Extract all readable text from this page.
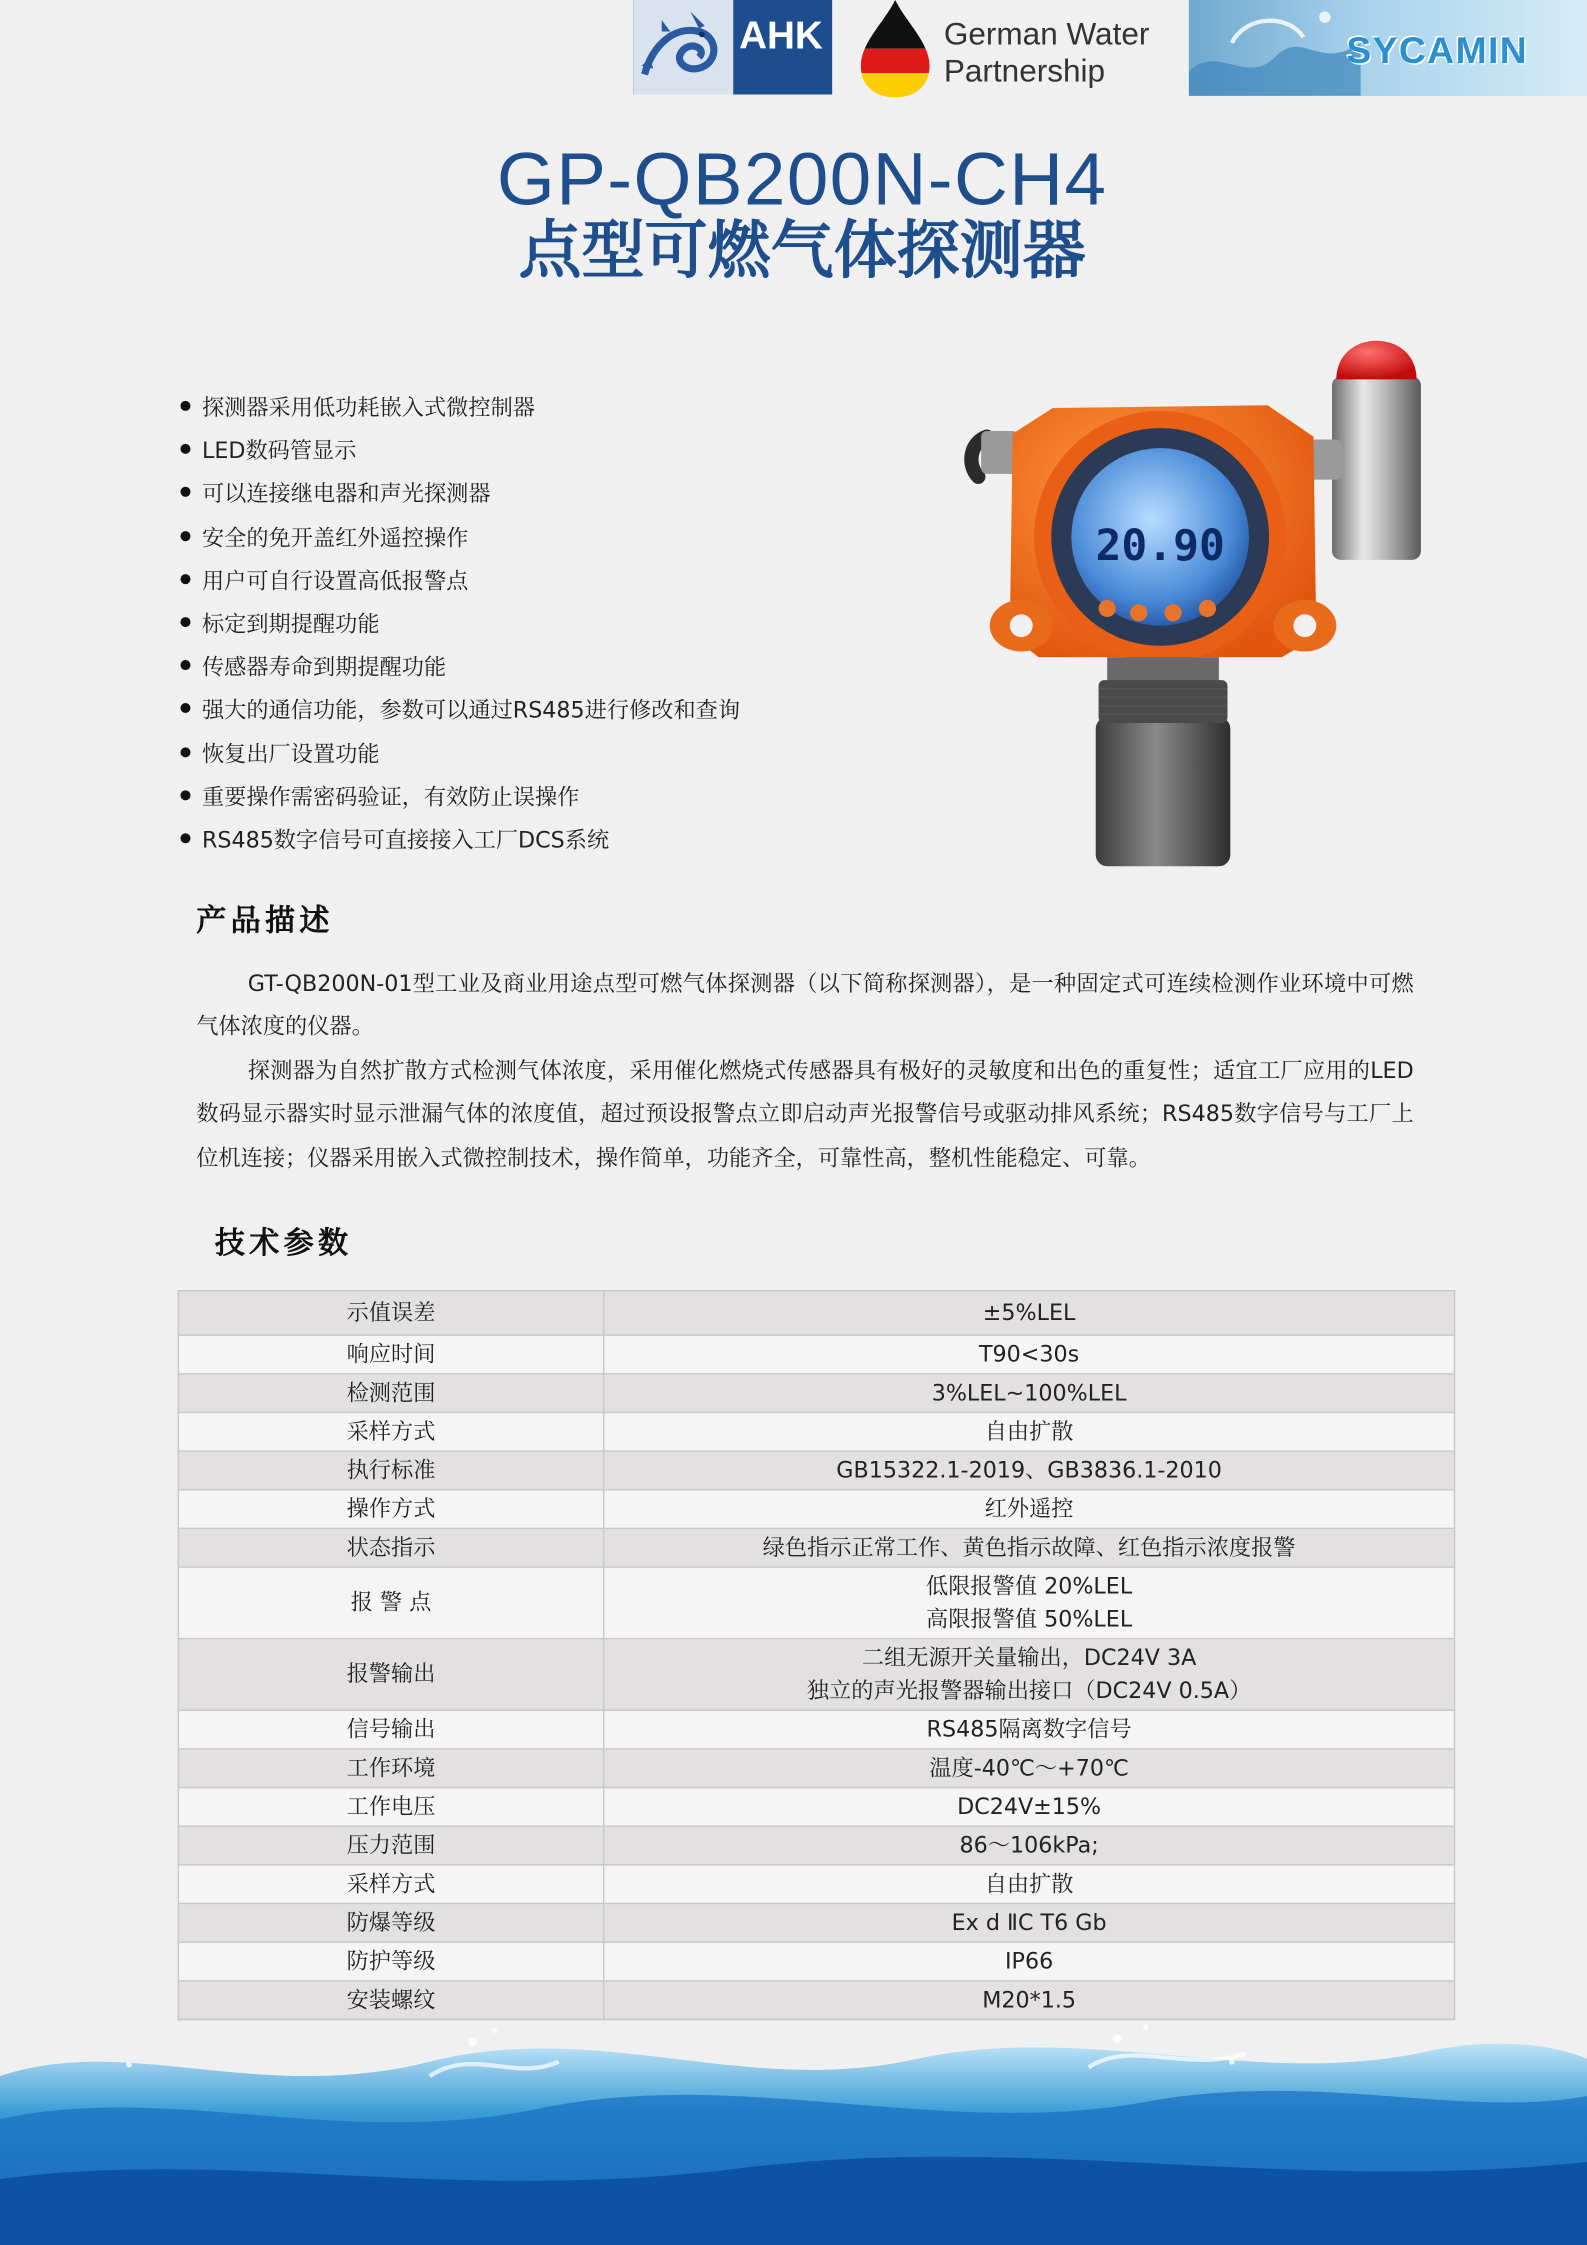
AHK	German Water
Partnership	SYCAMIN
GP-QB200N-CH4
点型可燃气体探测器
探测器采用低功耗嵌入式微控制器
LED数码管显示
可以连接继电器和声光探测器
安全的免开盖红外遥控操作
用户可自行设置高低报警点
标定到期提醒功能
传感器寿命到期提醒功能
强大的通信功能，参数可以通过RS485进行修改和查询
恢复出厂设置功能
重要操作需密码验证，有效防止误操作
RS485数字信号可直接接入工厂DCS系统
20.90
产品描述

GT-QB200N-01型工业及商业用途点型可燃气体探测器（以下简称探测器），是一种固定式可连续检测作业环境中可燃气体浓度的仪器。

探测器为自然扩散方式检测气体浓度，采用催化燃烧式传感器具有极好的灵敏度和出色的重复性；适宜工厂应用的LED数码显示器实时显示泄漏气体的浓度值，超过预设报警点立即启动声光报警信号或驱动排风系统；RS485数字信号与工厂上位机连接；仪器采用嵌入式微控制技术，操作简单，功能齐全，可靠性高，整机性能稳定、可靠。

技术参数
示值误差	±5%LEL
响应时间	T90<30s
检测范围	3%LEL~100%LEL
采样方式	自由扩散
执行标准	GB15322.1-2019、GB3836.1-2010
操作方式	红外遥控
状态指示	绿色指示正常工作、黄色指示故障、红色指示浓度报警
报 警 点	低限报警值 20%LEL
高限报警值 50%LEL

报警输出	二组无源开关量输出，DC24V 3A
独立的声光报警器输出接口（DC24V 0.5A）

信号输出	RS485隔离数字信号
工作环境	温度-40℃～+70℃
工作电压	DC24V±15%
压力范围	86～106kPa;
采样方式	自由扩散
防爆等级	Ex d ⅡC T6 Gb
防护等级	IP66
安装螺纹	M20*1.5
